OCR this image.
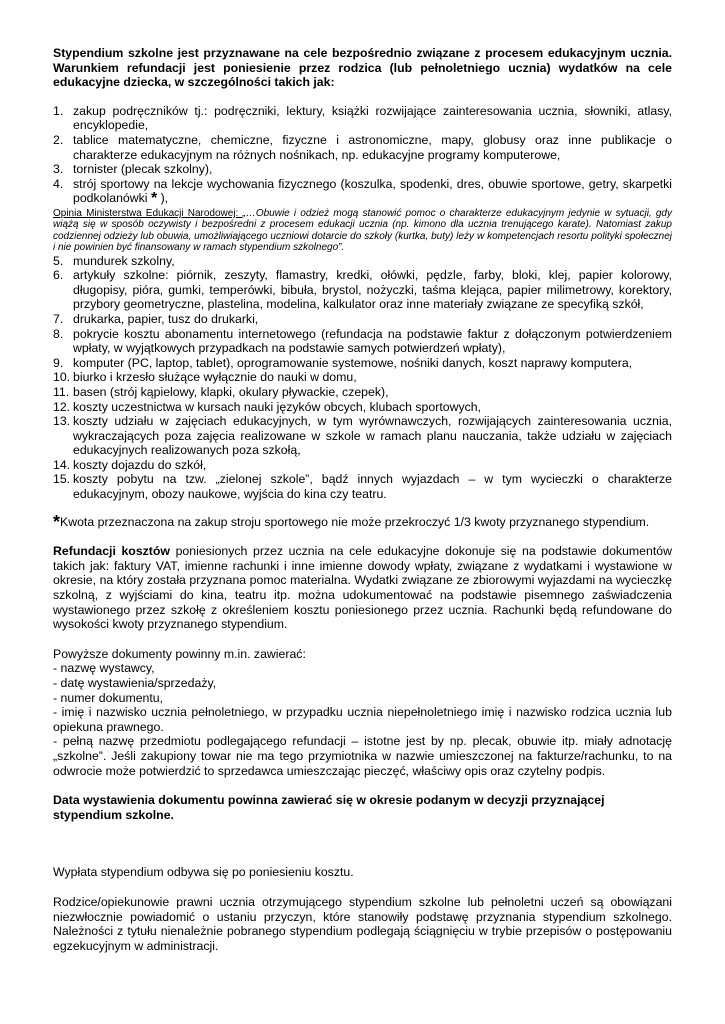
Stypendium szkolne jest przyznawane na cele bezpośrednio związane z procesem edukacyjnym ucznia. Warunkiem refundacji jest poniesienie przez rodzica (lub pełnoletniego ucznia) wydatków na cele edukacyjne dziecka, w szczególności takich jak:

1. zakup podręczników tj.: podręczniki, lektury, książki rozwijające zainteresowania ucznia, słowniki, atlasy, encyklopedie,
2. tablice matematyczne, chemiczne, fizyczne i astronomiczne, mapy, globusy oraz inne publikacje o charakterze edukacyjnym na różnych nośnikach, np. edukacyjne programy komputerowe,
3. tornister (plecak szkolny),
4. strój sportowy na lekcje wychowania fizycznego (koszulka, spodenki, dres, obuwie sportowe, getry, skarpetki podkolanówki * ),

Opinia Ministerstwa Edukacji Narodowej: „…Obuwie i odzież mogą stanowić pomoc o charakterze edukacyjnym jedynie w sytuacji, gdy wiążą się w sposób oczywisty i bezpośredni z procesem edukacji ucznia (np. kimono dla ucznia trenującego karate). Natomiast zakup codziennej odzieży lub obuwia, umożliwiającego uczniowi dotarcie do szkoły (kurtka, buty) leży w kompetencjach resortu polityki społecznej i nie powinien być finansowany w ramach stypendium szkolnego”.

5. mundurek szkolny,
6. artykuły szkolne: piórnik, zeszyty, flamastry, kredki, ołówki, pędzle, farby, bloki, klej, papier kolorowy, długopisy, pióra, gumki, temperówki, bibuła, brystol, nożyczki, taśma klejąca, papier milimetrowy, korektory, przybory geometryczne, plastelina, modelina, kalkulator oraz inne materiały związane ze specyfiką szkół,
7. drukarka, papier, tusz do drukarki,
8. pokrycie kosztu abonamentu internetowego (refundacja na podstawie faktur z dołączonym potwierdzeniem wpłaty, w wyjątkowych przypadkach na podstawie samych potwierdzeń wpłaty),
9. komputer (PC, laptop, tablet), oprogramowanie systemowe, nośniki danych, koszt naprawy komputera,
10. biurko i krzesło służące wyłącznie do nauki w domu,
11. basen (strój kąpielowy, klapki, okulary pływackie, czepek),
12. koszty uczestnictwa w kursach nauki języków obcych, klubach sportowych,
13. koszty udziału w zajęciach edukacyjnych, w tym wyrównawczych, rozwijających zainteresowania ucznia, wykraczających poza zajęcia realizowane w szkole w ramach planu nauczania, także udziału w zajęciach edukacyjnych realizowanych poza szkołą,
14. koszty dojazdu do szkół,
15. koszty pobytu na tzw. „zielonej szkole”, bądź innych wyjazdach – w tym wycieczki o charakterze edukacyjnym, obozy naukowe, wyjścia do kina czy teatru.

*Kwota przeznaczona na zakup stroju sportowego nie może przekroczyć 1/3 kwoty przyznanego stypendium.

Refundacji kosztów poniesionych przez ucznia na cele edukacyjne dokonuje się na podstawie dokumentów takich jak: faktury VAT, imienne rachunki i inne imienne dowody wpłaty, związane z wydatkami i wystawione w okresie, na który została przyznana pomoc materialna. Wydatki związane ze zbiorowymi wyjazdami na wycieczkę szkolną, z wyjściami do kina, teatru itp. można udokumentować na podstawie pisemnego zaświadczenia wystawionego przez szkołę z określeniem kosztu poniesionego przez ucznia. Rachunki będą refundowane do wysokości kwoty przyznanego stypendium.

Powyższe dokumenty powinny m.in. zawierać:

- nazwę wystawcy,
- datę wystawienia/sprzedaży,
- numer dokumentu,
- imię i nazwisko ucznia pełnoletniego, w przypadku ucznia niepełnoletniego imię i nazwisko rodzica ucznia lub opiekuna prawnego.
- pełną nazwę przedmiotu podlegającego refundacji – istotne jest by np. plecak, obuwie itp. miały adnotację „szkolne”. Jeśli zakupiony towar nie ma tego przymiotnika w nazwie umieszczonej na fakturze/rachunku, to na odwrocie może potwierdzić to sprzedawca umieszczając pieczęć, właściwy opis oraz czytelny podpis.

Data wystawienia dokumentu powinna zawierać się w okresie podanym w decyzji przyznającej stypendium szkolne.

Wypłata stypendium odbywa się po poniesieniu kosztu.

Rodzice/opiekunowie prawni ucznia otrzymującego stypendium szkolne lub pełnoletni uczeń są obowiązani niezwłocznie powiadomić o ustaniu przyczyn, które stanowiły podstawę przyznania stypendium szkolnego. Należności z tytułu nienależnie pobranego stypendium podlegają ściągnięciu w trybie przepisów o postępowaniu egzekucyjnym w administracji.
